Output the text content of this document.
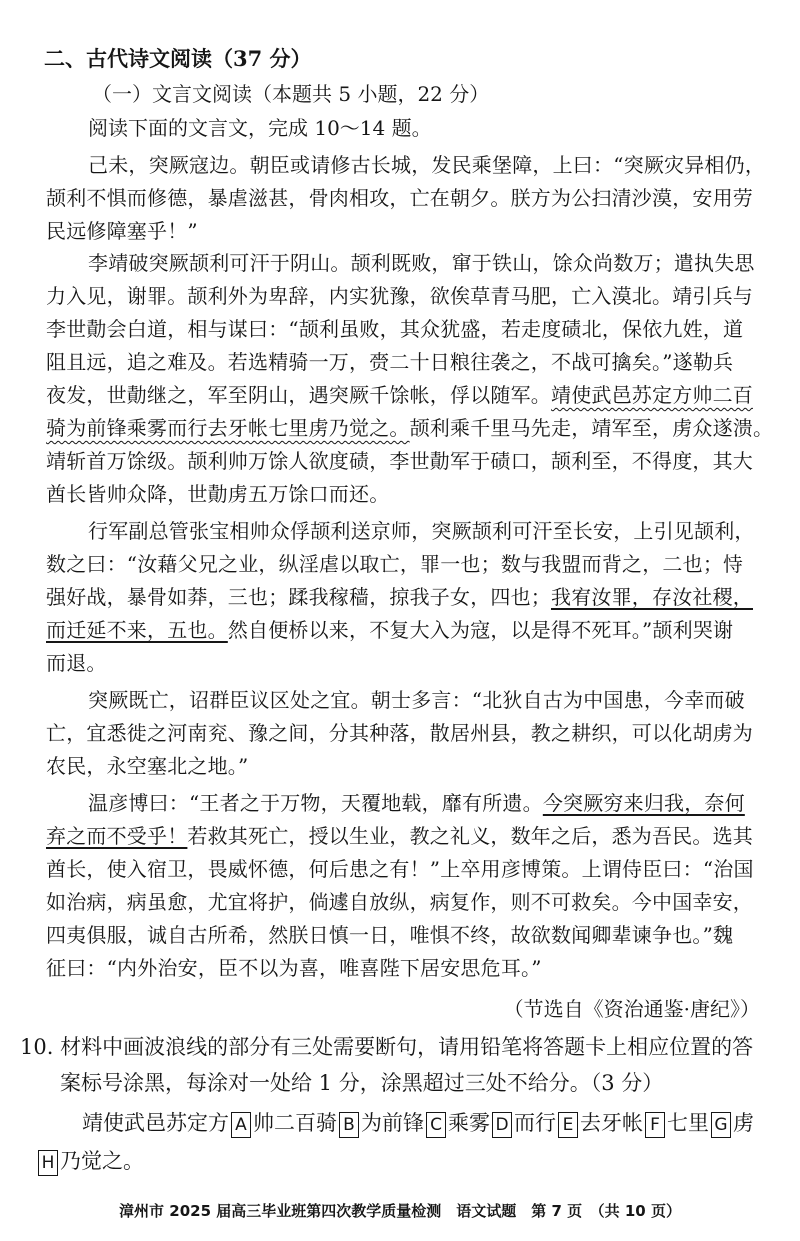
二、古代诗文阅读（37 分）
（一）文言文阅读（本题共 5 小题，22 分）
阅读下面的文言文，完成 10～14 题。
己未，突厥寇边。朝臣或请修古长城，发民乘堡障，上曰：“突厥灾异相仍，
颉利不惧而修德，暴虐滋甚，骨肉相攻，亡在朝夕。朕方为公扫清沙漠，安用劳
民远修障塞乎！”
李靖破突厥颉利可汗于阴山。颉利既败，窜于铁山，馀众尚数万；遣执失思
力入见，谢罪。颉利外为卑辞，内实犹豫，欲俟草青马肥，亡入漠北。靖引兵与
李世勣会白道，相与谋曰：“颉利虽败，其众犹盛，若走度碛北，保依九姓，道
阻且远，追之难及。若选精骑一万，赍二十日粮往袭之，不战可擒矣。”遂勒兵
夜发，世勣继之，军至阴山，遇突厥千馀帐，俘以随军。靖使武邑苏定方帅二百
骑为前锋乘雾而行去牙帐七里虏乃觉之。颉利乘千里马先走，靖军至，虏众遂溃。
靖斩首万馀级。颉利帅万馀人欲度碛，李世勣军于碛口，颉利至，不得度，其大
酋长皆帅众降，世勣虏五万馀口而还。
行军副总管张宝相帅众俘颉利送京师，突厥颉利可汗至长安，上引见颉利，
数之曰：“汝藉父兄之业，纵淫虐以取亡，罪一也；数与我盟而背之，二也；恃
强好战，暴骨如莽，三也；蹂我稼穑，掠我子女，四也；我宥汝罪，存汝社稷，
而迁延不来，五也。然自便桥以来，不复大入为寇，以是得不死耳。”颉利哭谢
而退。
突厥既亡，诏群臣议区处之宜。朝士多言：“北狄自古为中国患，今幸而破
亡，宜悉徙之河南兖、豫之间，分其种落，散居州县，教之耕织，可以化胡虏为
农民，永空塞北之地。”
温彦博曰：“王者之于万物，天覆地载，靡有所遗。今突厥穷来归我，奈何
弃之而不受乎！若救其死亡，授以生业，教之礼义，数年之后，悉为吾民。选其
酋长，使入宿卫，畏威怀德，何后患之有！”上卒用彦博策。上谓侍臣曰：“治国
如治病，病虽愈，尤宜将护，倘遽自放纵，病复作，则不可救矣。今中国幸安，
四夷俱服，诚自古所希，然朕日慎一日，唯惧不终，故欲数闻卿辈谏争也。”魏
征曰：“内外治安，臣不以为喜，唯喜陛下居安思危耳。”
（节选自《资治通鉴·唐纪》）
10. 材料中画波浪线的部分有三处需要断句，请用铅笔将答题卡上相应位置的答
案标号涂黑，每涂对一处给 1 分，涂黑超过三处不给分。（3 分）
靖使武邑苏定方 A 帅二百骑 B 为前锋 C 乘雾 D 而行 E 去牙帐 F 七里 G 虏
H 乃觉之。
漳州市 2025 届高三毕业班第四次教学质量检测　语文试题　第 7 页　（共 10 页）
